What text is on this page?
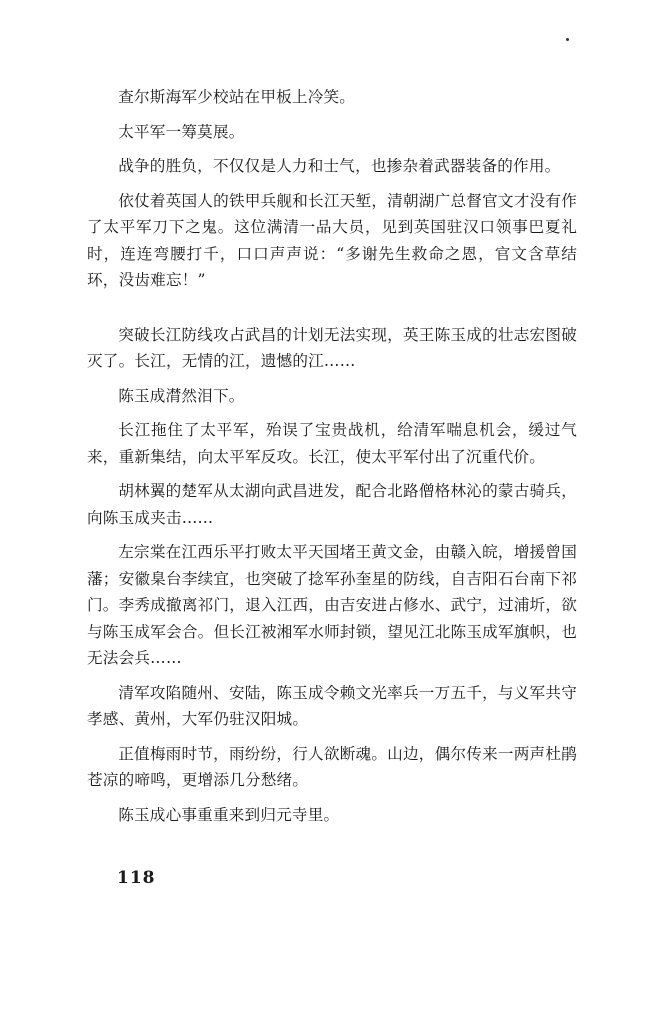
查尔斯海军少校站在甲板上冷笑。

太平军一筹莫展。

战争的胜负，不仅仅是人力和士气，也掺杂着武器装备的作用。

依仗着英国人的铁甲兵舰和长江天堑，清朝湖广总督官文才没有作了太平军刀下之鬼。这位满清一品大员，见到英国驻汉口领事巴夏礼时，连连弯腰打千，口口声声说：“多谢先生救命之恩，官文含草结环，没齿难忘！”

突破长江防线攻占武昌的计划无法实现，英王陈玉成的壮志宏图破灭了。长江，无情的江，遗憾的江……

陈玉成潸然泪下。

长江拖住了太平军，殆误了宝贵战机，给清军喘息机会，缓过气来，重新集结，向太平军反攻。长江，使太平军付出了沉重代价。

胡林翼的楚军从太湖向武昌进发，配合北路僧格林沁的蒙古骑兵，向陈玉成夹击……

左宗棠在江西乐平打败太平天国堵王黄文金，由赣入皖，增援曾国藩；安徽臬台李续宜，也突破了捻军孙奎星的防线，自吉阳石台南下祁门。李秀成撤离祁门，退入江西，由吉安进占修水、武宁，过浦圻，欲与陈玉成军会合。但长江被湘军水师封锁，望见江北陈玉成军旗帜，也无法会兵……

清军攻陷随州、安陆，陈玉成令赖文光率兵一万五千，与义军共守孝感、黄州，大军仍驻汉阳城。

正值梅雨时节，雨纷纷，行人欲断魂。山边，偶尔传来一两声杜鹃苍凉的啼鸣，更增添几分愁绪。

陈玉成心事重重来到归元寺里。

118
